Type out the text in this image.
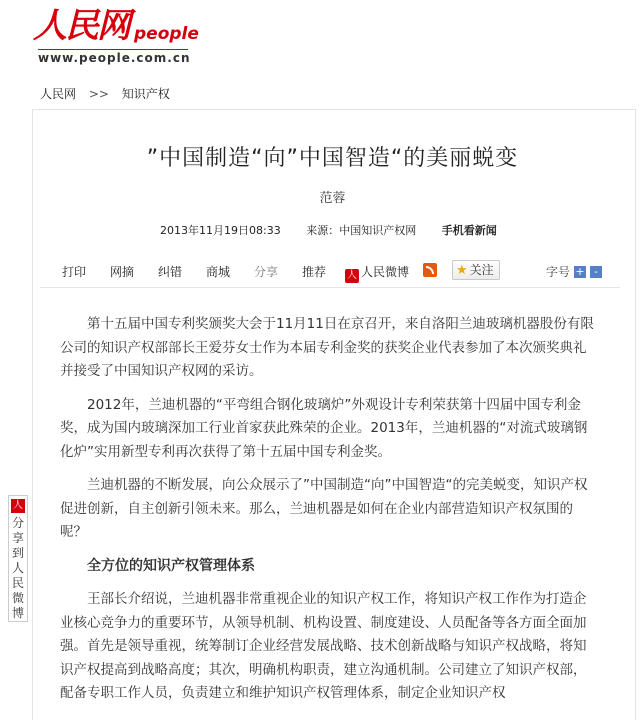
人民网 people
www.people.com.cn
人民网 >> 知识产权
”中国制造“向”中国智造“的美丽蜕变
范蓉
2013年11月19日08:33 来源：中国知识产权网 手机看新闻
打印 网摘 纠错 商城 分享 推荐 人 人民微博	★ 关注	字号 + -

第十五届中国专利奖颁奖大会于11月11日在京召开，来自洛阳兰迪玻璃机器股份有限公司的知识产权部部长王爱芬女士作为本届专利金奖的获奖企业代表参加了本次颁奖典礼并接受了中国知识产权网的采访。

2012年，兰迪机器的“平弯组合钢化玻璃炉”外观设计专利荣获第十四届中国专利金奖，成为国内玻璃深加工行业首家获此殊荣的企业。2013年，兰迪机器的“对流式玻璃钢化炉”实用新型专利再次获得了第十五届中国专利金奖。

兰迪机器的不断发展，向公众展示了”中国制造“向”中国智造“的完美蜕变，知识产权促进创新，自主创新引领未来。那么，兰迪机器是如何在企业内部营造知识产权氛围的呢？

全方位的知识产权管理体系

王部长介绍说，兰迪机器非常重视企业的知识产权工作，将知识产权工作作为打造企业核心竞争力的重要环节，从领导机制、机构设置、制度建设、人员配备等各方面全面加强。首先是领导重视，统筹制订企业经营发展战略、技术创新战略与知识产权战略，将知识产权提高到战略高度；其次，明确机构职责，建立沟通机制。公司建立了知识产权部，配备专职工作人员，负责建立和维护知识产权管理体系，制定企业知识产权

人
分享到人民微博
